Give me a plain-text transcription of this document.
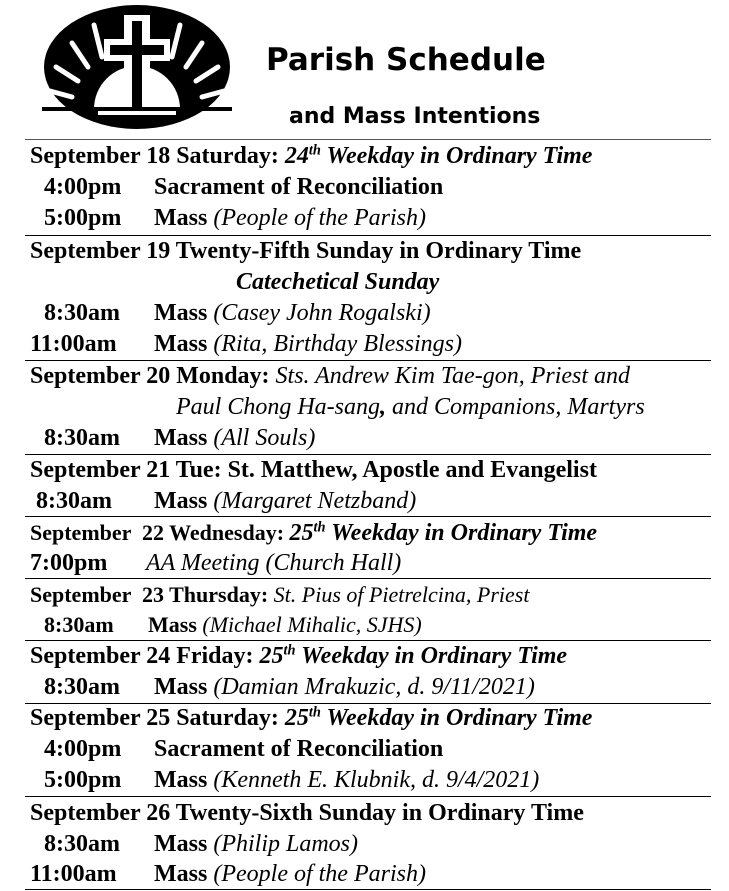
Parish Schedule
and Mass Intentions
September 18 Saturday: 24th Weekday in Ordinary Time
4:00pm Sacrament of Reconciliation
5:00pm Mass (People of the Parish)
September 19 Twenty-Fifth Sunday in Ordinary Time
Catechetical Sunday
8:30am Mass (Casey John Rogalski)
11:00am Mass (Rita, Birthday Blessings)
September 20 Monday: Sts. Andrew Kim Tae-gon, Priest and
Paul Chong Ha-sang, and Companions, Martyrs
8:30am Mass (All Souls)
September 21 Tue: St. Matthew, Apostle and Evangelist
8:30am Mass (Margaret Netzband)
September  22 Wednesday: 25th Weekday in Ordinary Time
7:00pm AA Meeting (Church Hall)
September  23 Thursday: St. Pius of Pietrelcina, Priest
8:30am Mass (Michael Mihalic, SJHS)
September 24 Friday: 25th Weekday in Ordinary Time
8:30am Mass (Damian Mrakuzic, d. 9/11/2021)
September 25 Saturday: 25th Weekday in Ordinary Time
4:00pm Sacrament of Reconciliation
5:00pm Mass (Kenneth E. Klubnik, d. 9/4/2021)
September 26 Twenty-Sixth Sunday in Ordinary Time
8:30am Mass (Philip Lamos)
11:00am Mass (People of the Parish)
